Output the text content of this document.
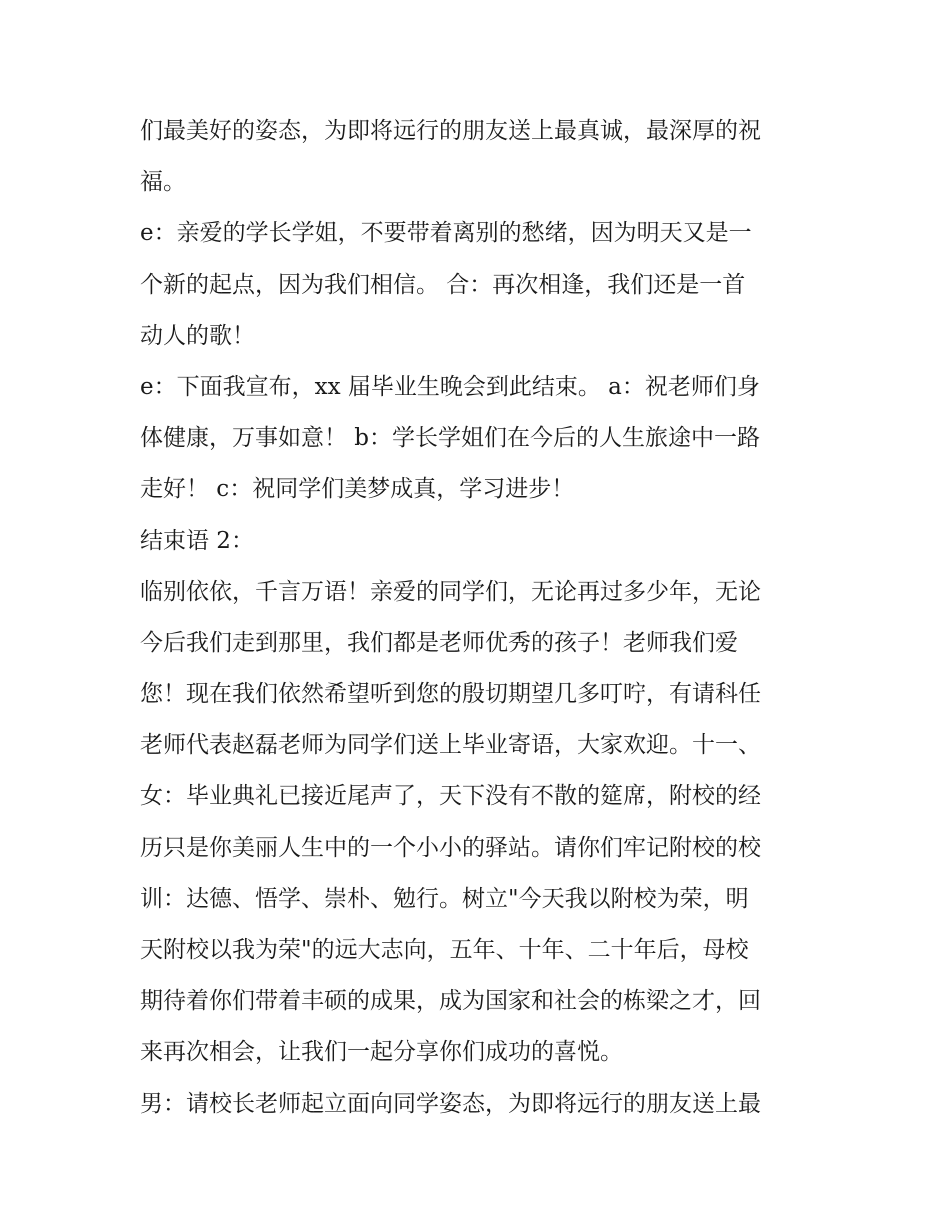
们最美好的姿态，为即将远行的朋友送上最真诚，最深厚的祝
福。
e：亲爱的学长学姐，不要带着离别的愁绪，因为明天又是一
个新的起点，因为我们相信。 合：再次相逢，我们还是一首
动人的歌！
e：下面我宣布，xx 届毕业生晚会到此结束。 a：祝老师们身
体健康，万事如意！ b：学长学姐们在今后的人生旅途中一路
走好！ c：祝同学们美梦成真，学习进步！
结束语 2：
临别依依，千言万语！亲爱的同学们，无论再过多少年，无论
今后我们走到那里，我们都是老师优秀的孩子！老师我们爱
您！现在我们依然希望听到您的殷切期望几多叮咛，有请科任
老师代表赵磊老师为同学们送上毕业寄语，大家欢迎。十一、
女：毕业典礼已接近尾声了，天下没有不散的筵席，附校的经
历只是你美丽人生中的一个小小的驿站。请你们牢记附校的校
训：达德、悟学、崇朴、勉行。树立"今天我以附校为荣，明
天附校以我为荣"的远大志向，五年、十年、二十年后，母校
期待着你们带着丰硕的成果，成为国家和社会的栋梁之才，回
来再次相会，让我们一起分享你们成功的喜悦。
男：请校长老师起立面向同学姿态，为即将远行的朋友送上最
